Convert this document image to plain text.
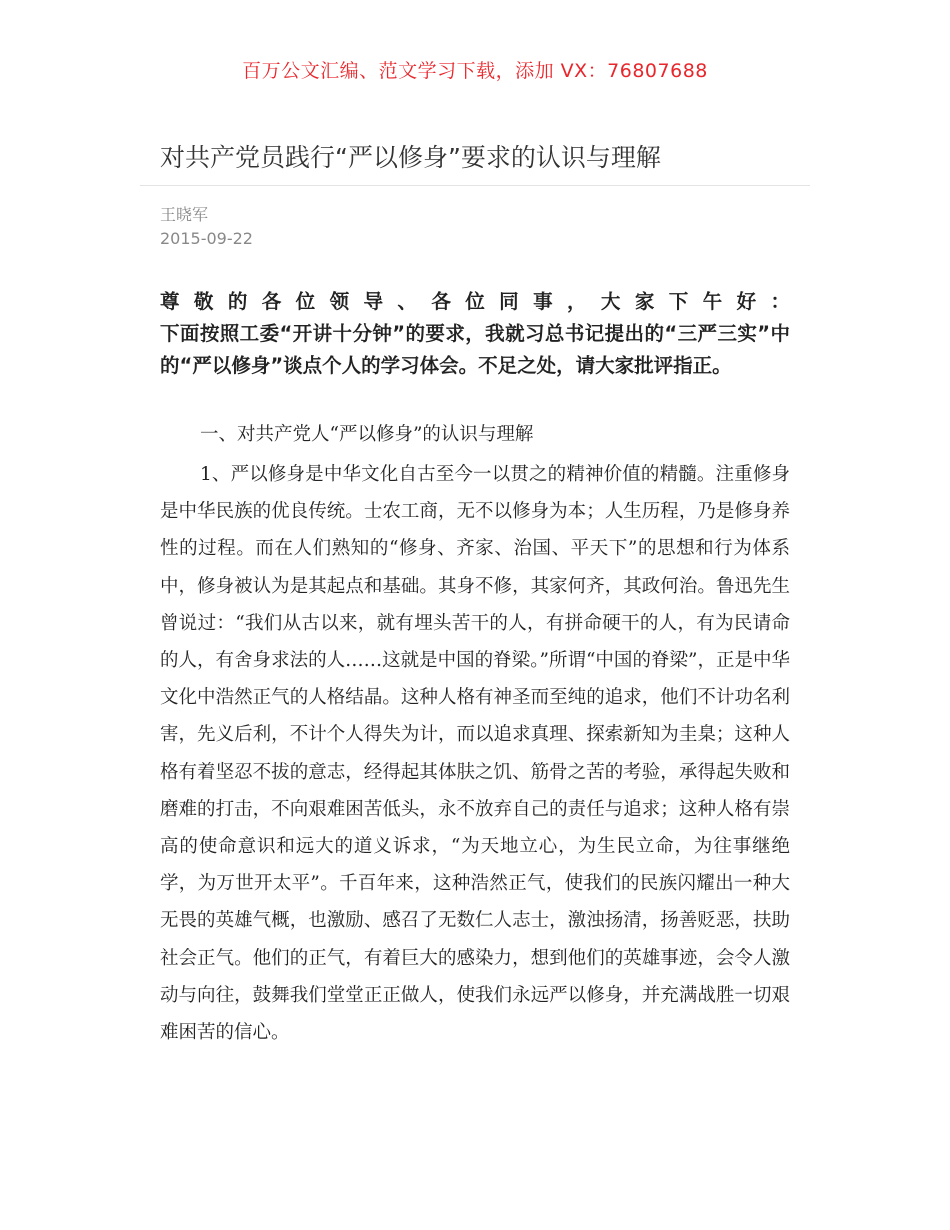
百万公文汇编、范文学习下载，添加 VX：76807688
对共产党员践行“严以修身”要求的认识与理解
王晓军
2015-09-22
尊敬的各位领导、各位同事，大家下午好：
下面按照工委“开讲十分钟”的要求，我就习总书记提出的“三严三实”中的“严以修身”谈点个人的学习体会。不足之处，请大家批评指正。
一、对共产党人“严以修身”的认识与理解
1、严以修身是中华文化自古至今一以贯之的精神价值的精髓。注重修身是中华民族的优良传统。士农工商，无不以修身为本；人生历程，乃是修身养性的过程。而在人们熟知的“修身、齐家、治国、平天下”的思想和行为体系中，修身被认为是其起点和基础。其身不修，其家何齐，其政何治。鲁迅先生曾说过：“我们从古以来，就有埋头苦干的人，有拼命硬干的人，有为民请命的人，有舍身求法的人……这就是中国的脊梁。”所谓“中国的脊梁”，正是中华文化中浩然正气的人格结晶。这种人格有神圣而至纯的追求，他们不计功名利害，先义后利，不计个人得失为计，而以追求真理、探索新知为圭臬；这种人格有着坚忍不拔的意志，经得起其体肤之饥、筋骨之苦的考验，承得起失败和磨难的打击，不向艰难困苦低头，永不放弃自己的责任与追求；这种人格有崇高的使命意识和远大的道义诉求，“为天地立心，为生民立命，为往事继绝学，为万世开太平”。千百年来，这种浩然正气，使我们的民族闪耀出一种大无畏的英雄气概，也激励、感召了无数仁人志士，激浊扬清，扬善贬恶，扶助社会正气。他们的正气，有着巨大的感染力，想到他们的英雄事迹，会令人激动与向往，鼓舞我们堂堂正正做人，使我们永远严以修身，并充满战胜一切艰难困苦的信心。
